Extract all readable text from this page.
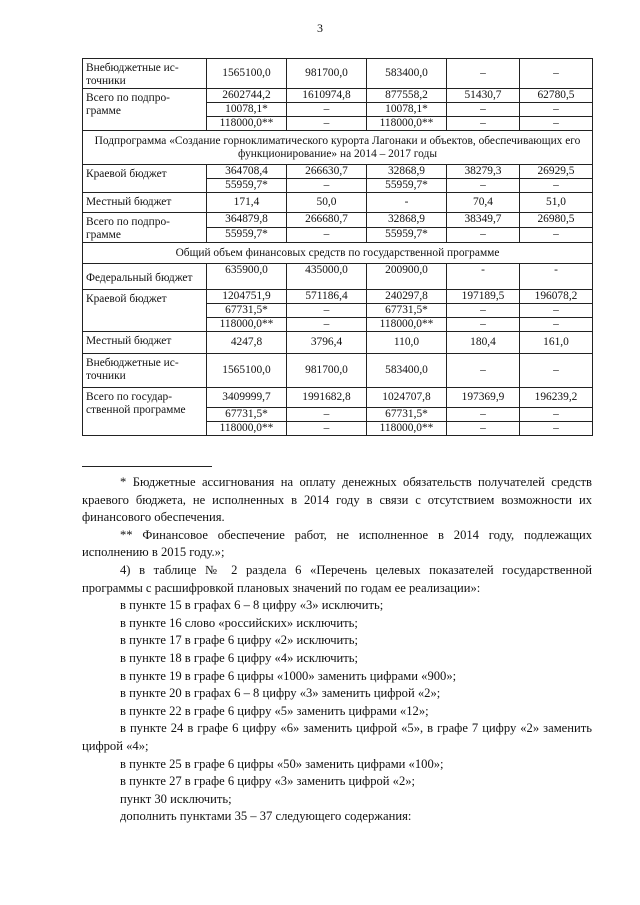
3
Внебюджетные ис-точники	1565100,0	981700,0	583400,0	–	–
Всего по подпро-грамме	2602744,2	1610974,8	877558,2	51430,7	62780,5
	10078,1*	–	10078,1*	–	–
	118000,0**	–	118000,0**	–	–
Подпрограмма «Создание горноклиматического курорта Лагонаки и объектов, обеспечивающих его функционирование» на 2014 – 2017 годы					
Краевой бюджет	364708,4	266630,7	32868,9	38279,3	26929,5
	55959,7*	–	55959,7*	–	–
Местный бюджет	171,4	50,0	-	70,4	51,0
Всего по подпро-грамме	364879,8	266680,7	32868,9	38349,7	26980,5
	55959,7*	–	55959,7*	–	–
Общий объем финансовых средств по государственной программе					
Федеральный бюджет	635900,0	435000,0	200900,0	-	-
Краевой бюджет	1204751,9	571186,4	240297,8	197189,5	196078,2
	67731,5*	–	67731,5*	–	–
	118000,0**	–	118000,0**	–	–
Местный бюджет	4247,8	3796,4	110,0	180,4	161,0
Внебюджетные ис-точники	1565100,0	981700,0	583400,0	–	–
Всего по государ-ственной программе	3409999,7	1991682,8	1024707,8	197369,9	196239,2
	67731,5*	–	67731,5*	–	–
	118000,0**	–	118000,0**	–	–

* Бюджетные ассигнования на оплату денежных обязательств получателей средств краевого бюджета, не исполненных в 2014 году в связи с отсутствием возможности их финансового обеспечения.

** Финансовое обеспечение работ, не исполненное в 2014 году, подлежащих исполнению в 2015 году.»;

4) в таблице № 2 раздела 6 «Перечень целевых показателей государственной программы с расшифровкой плановых значений по годам ее реализации»:

в пункте 15 в графах 6 – 8 цифру «3» исключить;

в пункте 16 слово «российских» исключить;

в пункте 17 в графе 6 цифру «2» исключить;

в пункте 18 в графе 6 цифру «4» исключить;

в пункте 19 в графе 6 цифры «1000» заменить цифрами «900»;

в пункте 20 в графах 6 – 8 цифру «3» заменить цифрой «2»;

в пункте 22 в графе 6 цифру «5» заменить цифрами «12»;

в пункте 24 в графе 6 цифру «6» заменить цифрой «5», в графе 7 цифру «2» заменить цифрой «4»;

в пункте 25 в графе 6 цифры «50» заменить цифрами «100»;

в пункте 27 в графе 6 цифру «3» заменить цифрой «2»;

пункт 30 исключить;

дополнить пунктами 35 – 37 следующего содержания:
